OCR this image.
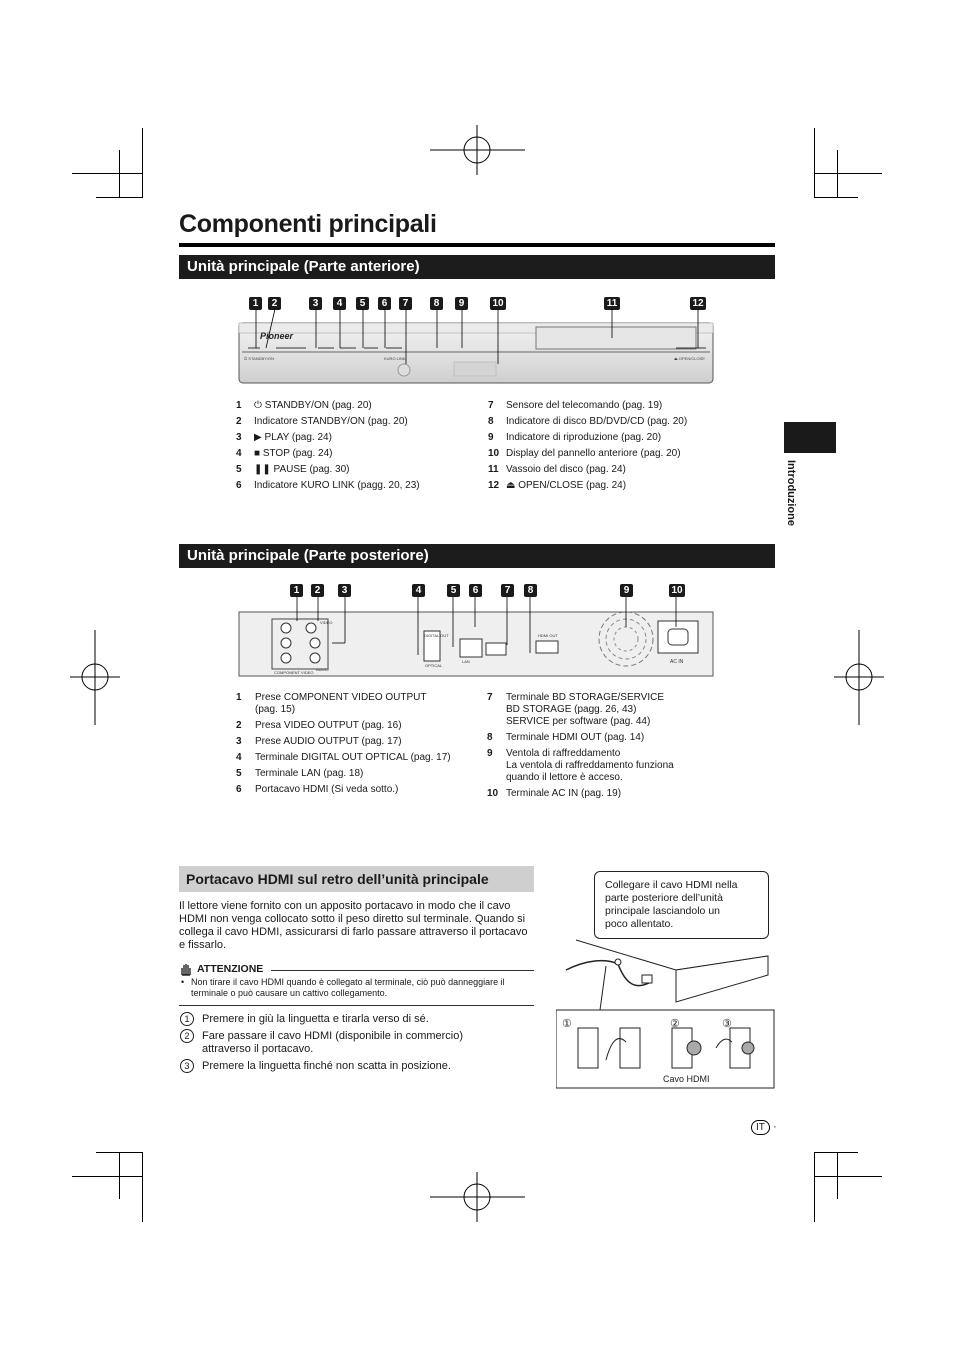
Componenti principali
Introduzione
Unità principale (Parte anteriore)
1	2	3	4	5	6	7	8	9	10	11	12
Pioneer
⏻ STANDBY/ON	KURO LINK	⏏ OPEN/CLOSE
1	⏻ STANDBY/ON (pag. 20)
2	Indicatore STANDBY/ON (pag. 20)
3	▶ PLAY (pag. 24)
4	■ STOP (pag. 24)
5	❚❚ PAUSE (pag. 30)
6	Indicatore KURO LINK (pagg. 20, 23)
7	Sensore del telecomando (pag. 19)
8	Indicatore di disco BD/DVD/CD (pag. 20)
9	Indicatore di riproduzione (pag. 20)
10 Display del pannello anteriore (pag. 20)
11 Vassoio del disco (pag. 24)
12 ⏏ OPEN/CLOSE (pag. 24)
Unità principale (Parte posteriore)
1	2	3	4	5	6	7	8	9	10
COMPONENT VIDEO
VIDEO
AUDIO
DIGITAL OUT
OPTICAL
LAN
HDMI OUT
AC IN
1 Prese COMPONENT VIDEO OUTPUT
(pag. 15)
2 Presa VIDEO OUTPUT (pag. 16)
3 Prese AUDIO OUTPUT (pag. 17)
4 Terminale DIGITAL OUT OPTICAL (pag. 17)
5 Terminale LAN (pag. 18)
6 Portacavo HDMI (Si veda sotto.)
7 Terminale BD STORAGE/SERVICE
BD STORAGE (pagg. 26, 43)
SERVICE per software (pag. 44)
8 Terminale HDMI OUT (pag. 14)
9 Ventola di raffreddamento
La ventola di raffreddamento funziona
quando il lettore è acceso.
10 Terminale AC IN (pag. 19)
Portacavo HDMI sul retro dell’unità principale
Il lettore viene fornito con un apposito portacavo in modo che il cavo HDMI non venga collocato sotto il peso diretto sul terminale. Quando si collega il cavo HDMI, assicurarsi di farlo passare attraverso il portacavo e fissarlo.
ATTENZIONE
• Non tirare il cavo HDMI quando è collegato al terminale, ciò può danneggiare il terminale o può causare un cattivo collegamento.
1	Premere in giù la linguetta e tirarla verso di sé.
2	Fare passare il cavo HDMI (disponibile in commercio)
attraverso il portacavo.
3	Premere la linguetta finché non scatta in posizione.
①	②	③
Cavo HDMI
Collegare il cavo HDMI nella
parte posteriore dell’unità
principale lasciandolo un
poco allentato.
IT ·
